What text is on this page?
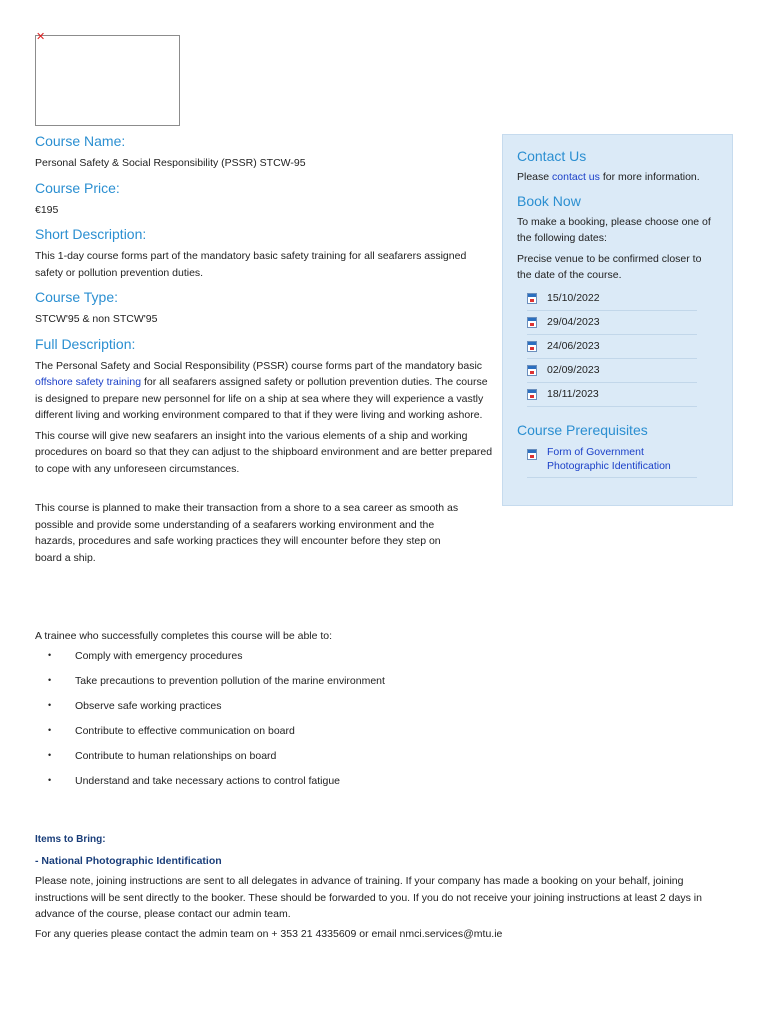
✕
Course Name:

Personal Safety & Social Responsibility (PSSR) STCW-95

Course Price:

€195

Short Description:

This 1-day course forms part of the mandatory basic safety training for all seafarers assigned safety or pollution prevention duties.

Course Type:

STCW'95 & non STCW'95

Full Description:

The Personal Safety and Social Responsibility (PSSR) course forms part of the mandatory basic offshore safety training for all seafarers assigned safety or pollution prevention duties. The course is designed to prepare new personnel for life on a ship at sea where they will experience a vastly different living and working environment compared to that if they were living and working ashore.

This course will give new seafarers an insight into the various elements of a ship and working procedures on board so that they can adjust to the shipboard environment and are better prepared to cope with any unforeseen circumstances.

This course is planned to make their transaction from a shore to a sea career as smooth as possible and provide some understanding of a seafarers working environment and the hazards, procedures and safe working practices they will encounter before they step on board a ship.

Contact Us

Please contact us for more information.

Book Now

To make a booking, please choose one of the following dates:

Precise venue to be confirmed closer to the date of the course.

15/10/2022
29/04/2023
24/06/2023
02/09/2023
18/11/2023
Course Prerequisites
Form of Government Photographic Identification

A trainee who successfully completes this course will be able to:

•	Comply with emergency procedures
•	Take precautions to prevention pollution of the marine environment
•	Observe safe working practices
•	Contribute to effective communication on board
•	Contribute to human relationships on board
•	Understand and take necessary actions to control fatigue

Items to Bring:

- National Photographic Identification

Please note, joining instructions are sent to all delegates in advance of training. If your company has made a booking on your behalf, joining instructions will be sent directly to the booker. These should be forwarded to you. If you do not receive your joining instructions at least 2 days in advance of the course, please contact our admin team.

For any queries please contact the admin team on + 353 21 4335609 or email nmci.services@mtu.ie
